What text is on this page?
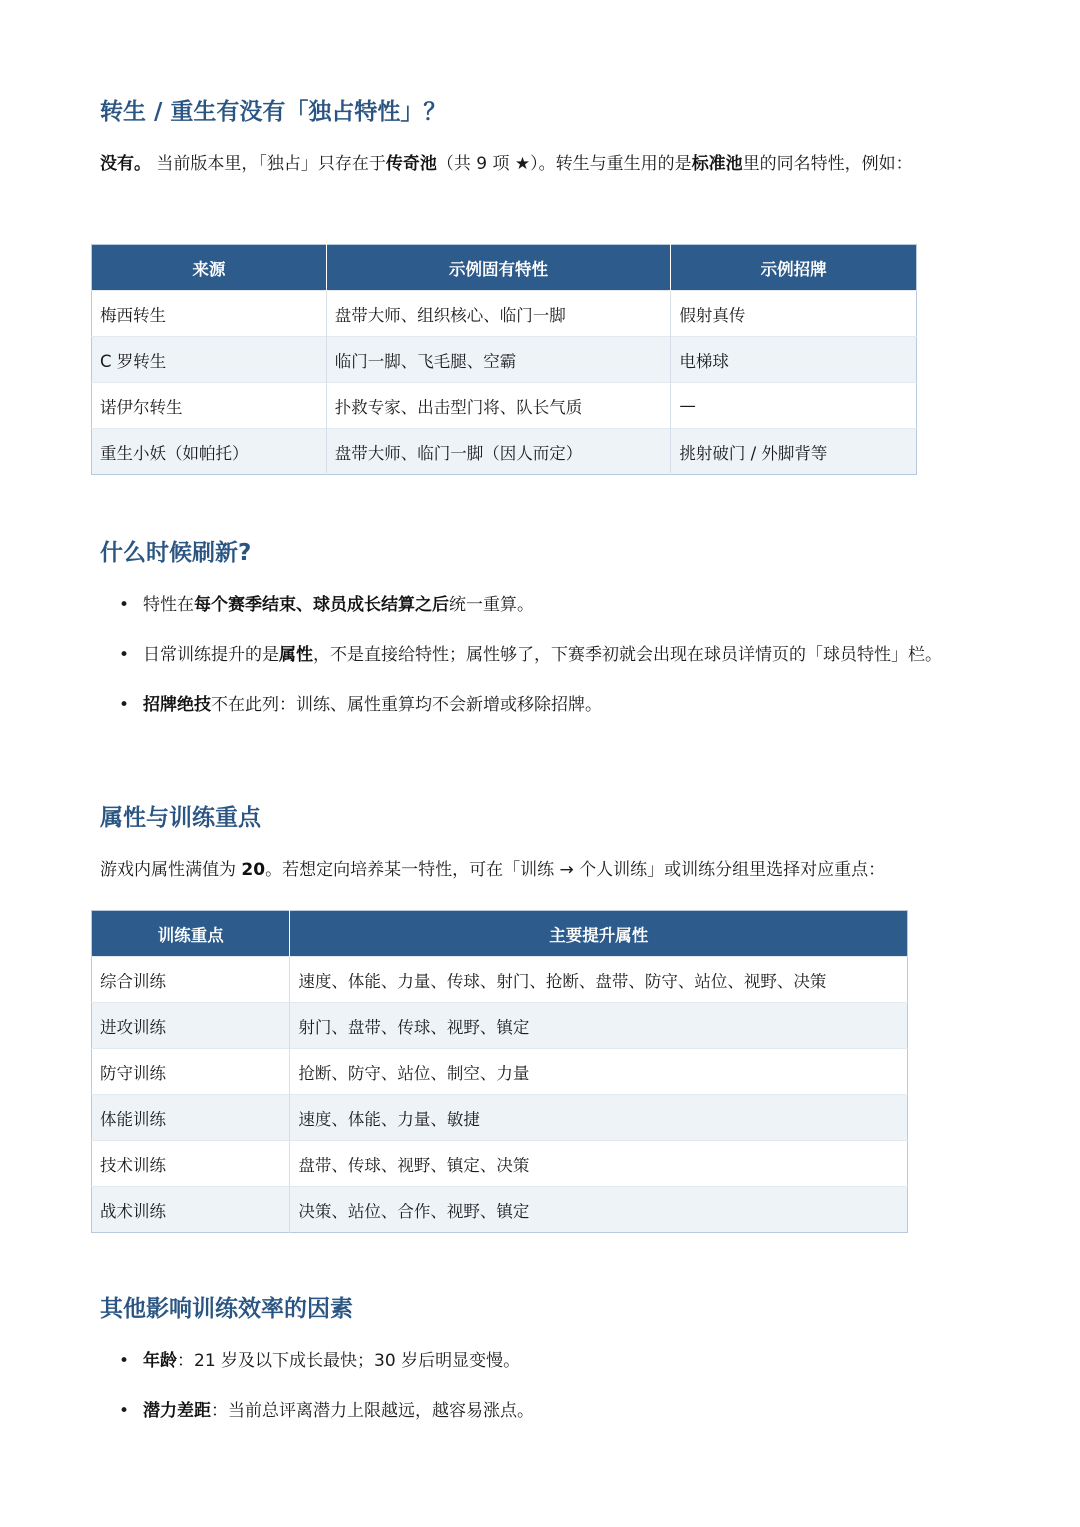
转生 / 重生有没有「独占特性」？

没有。 当前版本里，「独占」只存在于传奇池（共 9 项 ★）。转生与重生用的是标准池里的同名特性，例如：

来源	示例固有特性	示例招牌
梅西转生	盘带大师、组织核心、临门一脚	假射真传
C 罗转生	临门一脚、飞毛腿、空霸	电梯球
诺伊尔转生	扑救专家、出击型门将、队长气质	—
重生小妖（如帕托）	盘带大师、临门一脚（因人而定）	挑射破门 / 外脚背等
什么时候刷新?
• 特性在每个赛季结束、球员成长结算之后统一重算。
• 日常训练提升的是属性，不是直接给特性；属性够了，下赛季初就会出现在球员详情页的「球员特性」栏。
• 招牌绝技不在此列：训练、属性重算均不会新增或移除招牌。
属性与训练重点

游戏内属性满值为 20。若想定向培养某一特性，可在「训练 → 个人训练」或训练分组里选择对应重点：

训练重点	主要提升属性
综合训练	速度、体能、力量、传球、射门、抢断、盘带、防守、站位、视野、决策
进攻训练	射门、盘带、传球、视野、镇定
防守训练	抢断、防守、站位、制空、力量
体能训练	速度、体能、力量、敏捷
技术训练	盘带、传球、视野、镇定、决策
战术训练	决策、站位、合作、视野、镇定
其他影响训练效率的因素
• 年龄：21 岁及以下成长最快；30 岁后明显变慢。
• 潜力差距：当前总评离潜力上限越远，越容易涨点。
